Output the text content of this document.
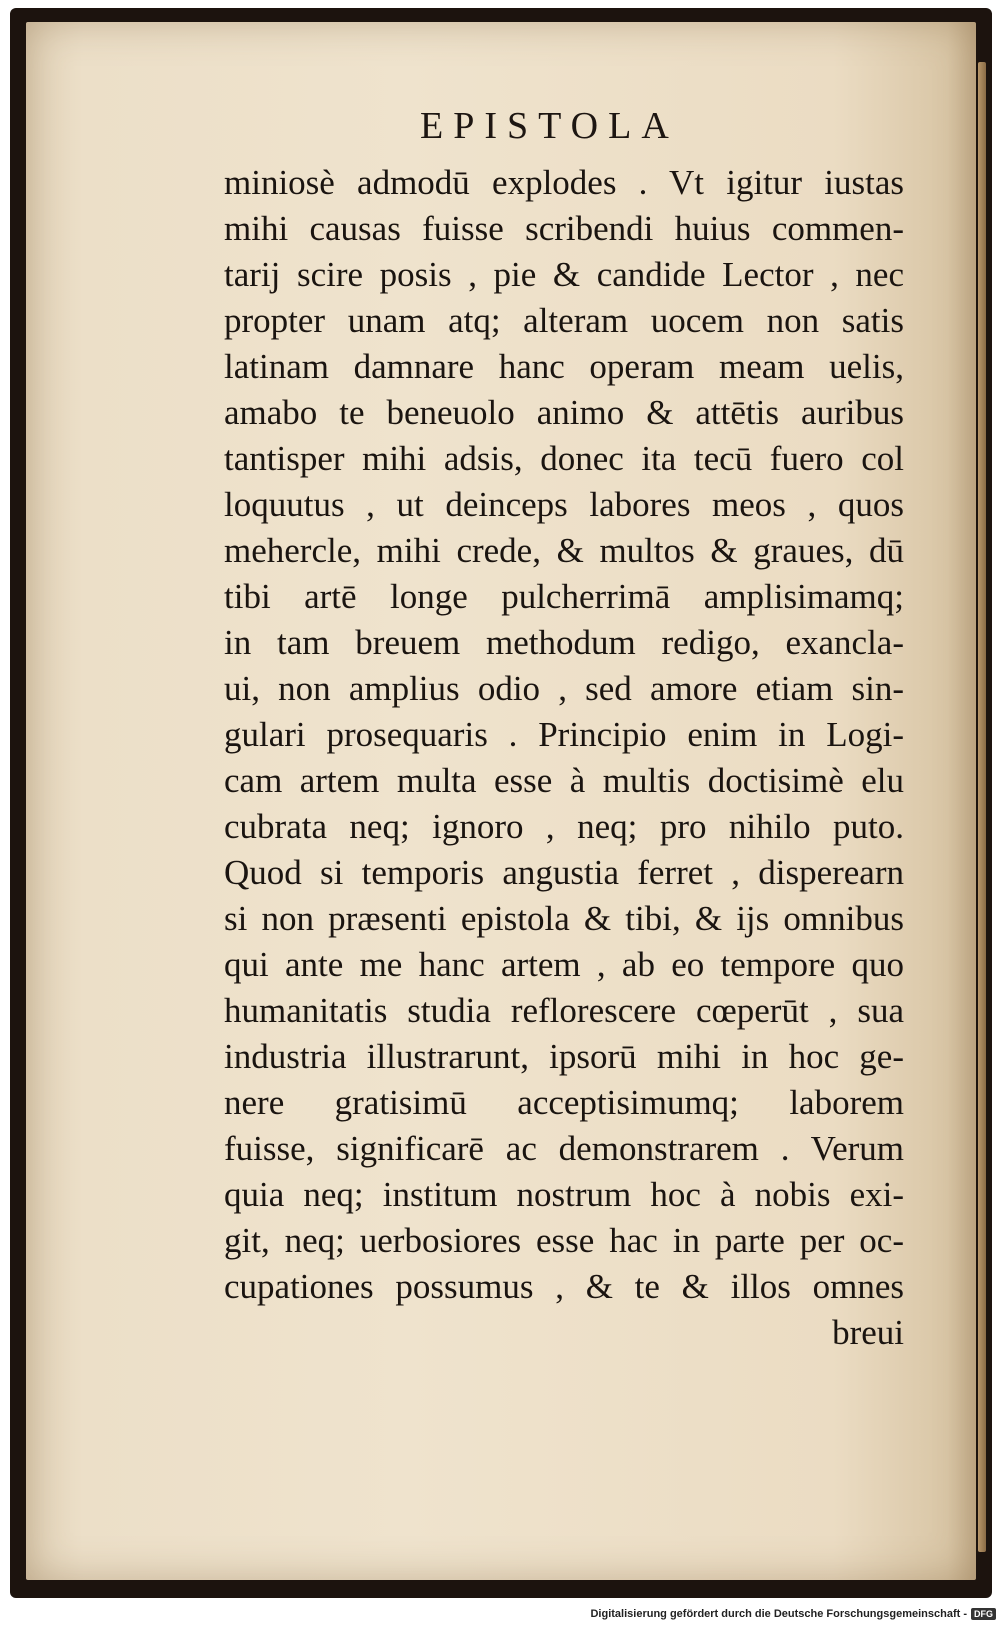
EPISTOLA
miniosè admodū explodes . Vt igitur iustas
mihi causas fuisse scribendi huius commen-
tarij scire posis , pie & candide Lector , nec
propter unam atq; alteram uocem non satis
latinam damnare hanc operam meam uelis,
amabo te beneuolo animo & attētis auribus
tantisper mihi adsis, donec ita tecū fuero col
loquutus , ut deinceps labores meos , quos
mehercle, mihi crede, & multos & graues, dū
tibi artē longe pulcherrimā amplisimamq;
in tam breuem methodum redigo, exancla-
ui, non amplius odio , sed amore etiam sin-
gulari prosequaris . Principio enim in Logi-
cam artem multa esse à multis doctisimè elu
cubrata neq; ignoro , neq; pro nihilo puto.
Quod si temporis angustia ferret , disperearn
si non præsenti epistola & tibi, & ijs omnibus
qui ante me hanc artem , ab eo tempore quo
humanitatis studia reflorescere cœperūt , sua
industria illustrarunt, ipsorū mihi in hoc ge-
nere gratisimū acceptisimumq; laborem
fuisse, significarē ac demonstrarem . Verum
quia neq; institum nostrum hoc à nobis exi-
git, neq; uerbosiores esse hac in parte per oc-
cupationes possumus , & te & illos omnes
breui
Digitalisierung gefördert durch die Deutsche Forschungsgemeinschaft - DFG
